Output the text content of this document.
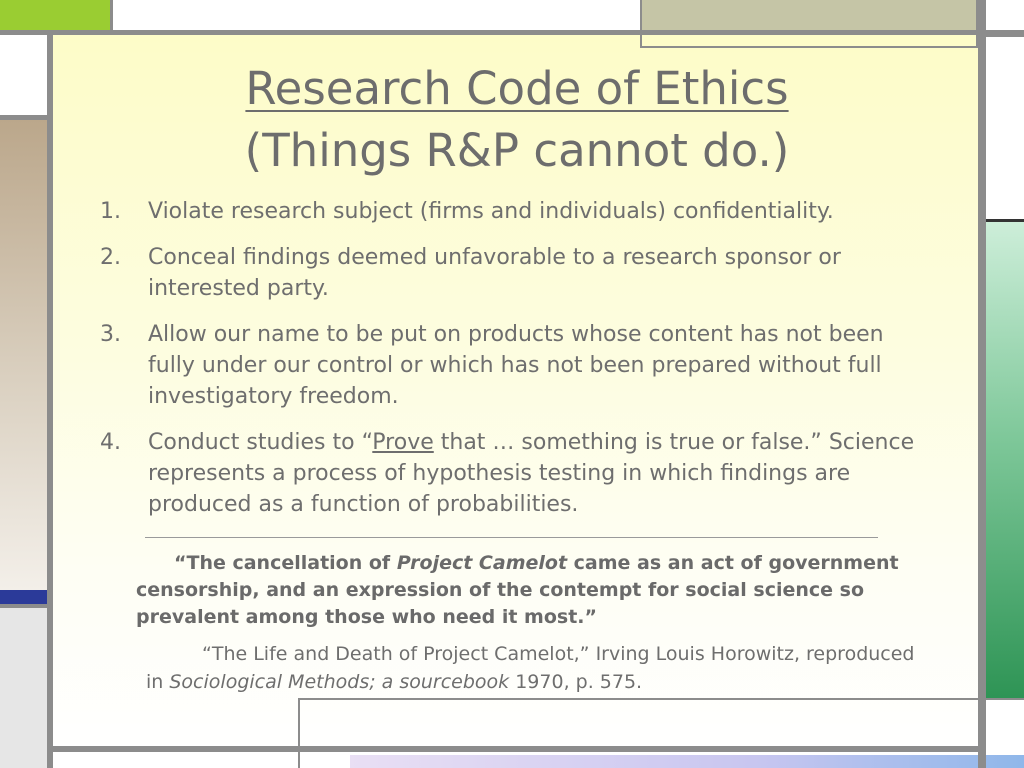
Research Code of Ethics
(Things R&P cannot do.)
1. Violate research subject (firms and individuals) confidentiality.
2. Conceal findings deemed unfavorable to a research sponsor or interested party.
3. Allow our name to be put on products whose content has not been fully under our control or which has not been prepared without full investigatory freedom.
4. Conduct studies to “Prove that … something is true or false.” Science represents a process of hypothesis testing in which findings are produced as a function of probabilities.
“The cancellation of Project Camelot came as an act of government censorship, and an expression of the contempt for social science so prevalent among those who need it most.”
“The Life and Death of Project Camelot,” Irving Louis Horowitz, reproduced in Sociological Methods; a sourcebook 1970, p. 575.
